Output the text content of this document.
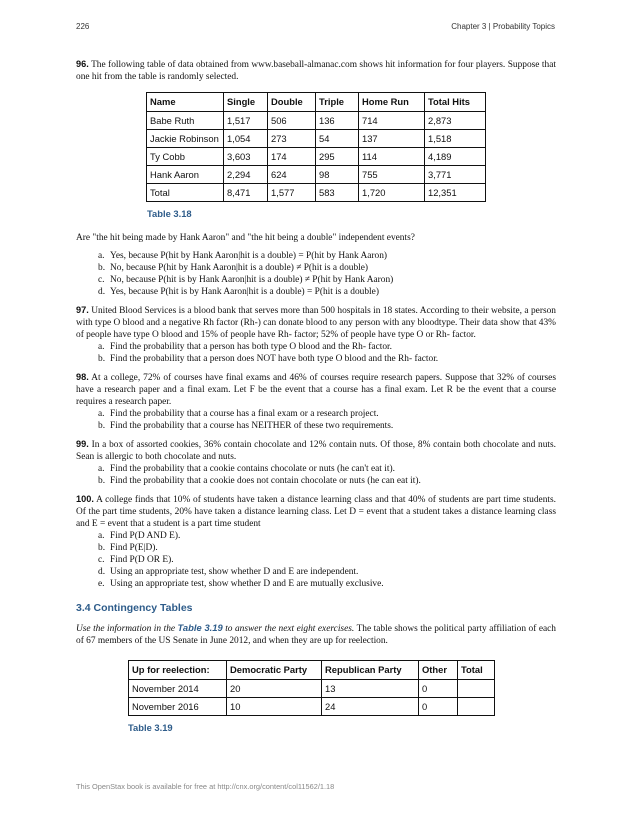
226	Chapter 3 | Probability Topics

96. The following table of data obtained from www.baseball-almanac.com shows hit information for four players. Suppose that one hit from the table is randomly selected.

Name	Single	Double	Triple	Home Run	Total Hits
Babe Ruth	1,517	506	136	714	2,873
Jackie Robinson	1,054	273	54	137	1,518
Ty Cobb	3,603	174	295	114	4,189
Hank Aaron	2,294	624	98	755	3,771
Total	8,471	1,577	583	1,720	12,351
Table 3.18

Are "the hit being made by Hank Aaron" and "the hit being a double" independent events?

a. Yes, because P(hit by Hank Aaron|hit is a double) = P(hit by Hank Aaron)
b. No, because P(hit by Hank Aaron|hit is a double) ≠ P(hit is a double)
c. No, because P(hit is by Hank Aaron|hit is a double) ≠ P(hit by Hank Aaron)
d. Yes, because P(hit is by Hank Aaron|hit is a double) = P(hit is a double)

97. United Blood Services is a blood bank that serves more than 500 hospitals in 18 states. According to their website, a person with type O blood and a negative Rh factor (Rh-) can donate blood to any person with any bloodtype. Their data show that 43% of people have type O blood and 15% of people have Rh- factor; 52% of people have type O or Rh- factor.

a. Find the probability that a person has both type O blood and the Rh- factor.
b. Find the probability that a person does NOT have both type O blood and the Rh- factor.

98. At a college, 72% of courses have final exams and 46% of courses require research papers. Suppose that 32% of courses have a research paper and a final exam. Let F be the event that a course has a final exam. Let R be the event that a course requires a research paper.

a. Find the probability that a course has a final exam or a research project.
b. Find the probability that a course has NEITHER of these two requirements.

99. In a box of assorted cookies, 36% contain chocolate and 12% contain nuts. Of those, 8% contain both chocolate and nuts. Sean is allergic to both chocolate and nuts.

a. Find the probability that a cookie contains chocolate or nuts (he can't eat it).
b. Find the probability that a cookie does not contain chocolate or nuts (he can eat it).

100. A college finds that 10% of students have taken a distance learning class and that 40% of students are part time students. Of the part time students, 20% have taken a distance learning class. Let D = event that a student takes a distance learning class and E = event that a student is a part time student

a. Find P(D AND E).
b. Find P(E|D).
c. Find P(D OR E).
d. Using an appropriate test, show whether D and E are independent.
e. Using an appropriate test, show whether D and E are mutually exclusive.
3.4 Contingency Tables

Use the information in the Table 3.19 to answer the next eight exercises. The table shows the political party affiliation of each of 67 members of the US Senate in June 2012, and when they are up for reelection.

Up for reelection:	Democratic Party	Republican Party	Other	Total
November 2014	20	13	0	
November 2016	10	24	0	
Table 3.19
This OpenStax book is available for free at http://cnx.org/content/col11562/1.18
